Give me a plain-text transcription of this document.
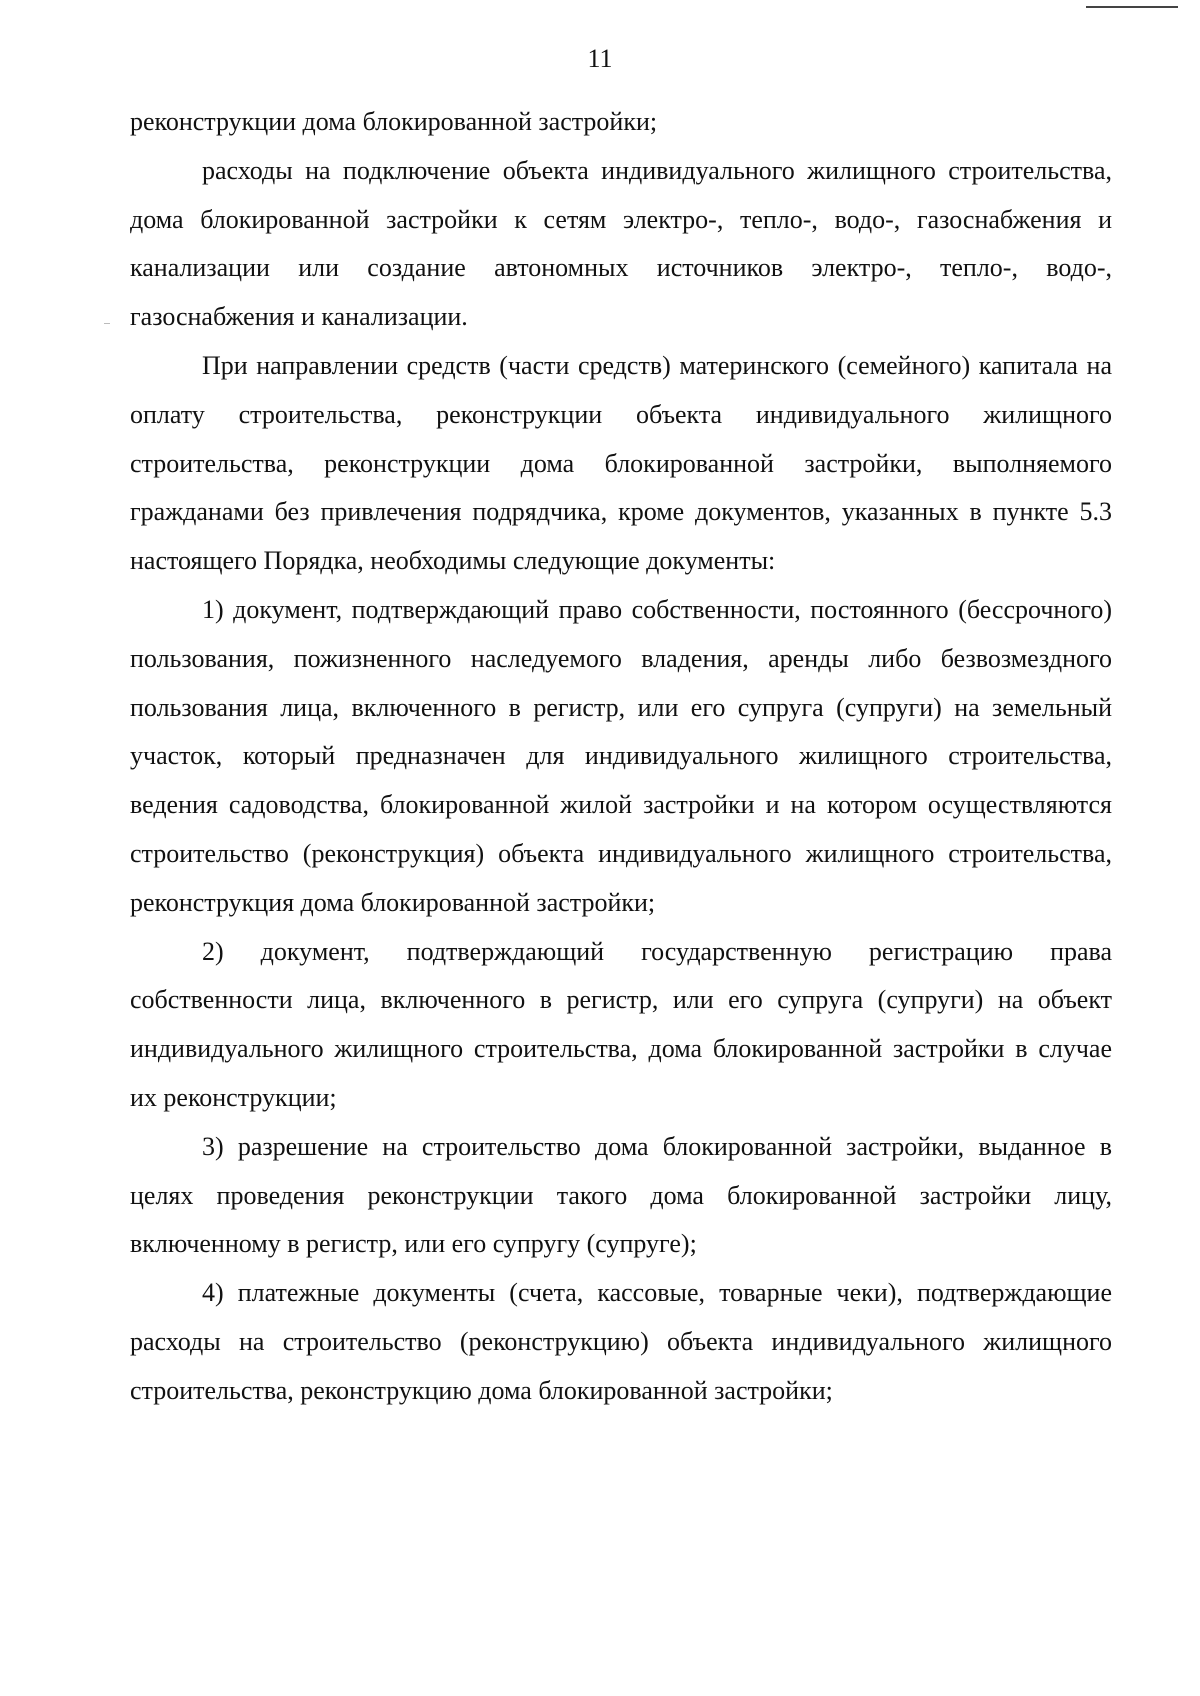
11

реконструкции дома блокированной застройки;

расходы на подключение объекта индивидуального жилищного строительства, дома блокированной застройки к сетям электро-, тепло-, водо-, газоснабжения и канализации или создание автономных источников электро-, тепло-, водо-, газоснабжения и канализации.

При направлении средств (части средств) материнского (семейного) капитала на оплату строительства, реконструкции объекта индивидуального жилищного строительства, реконструкции дома блокированной застройки, выполняемого гражданами без привлечения подрядчика, кроме документов, указанных в пункте 5.3 настоящего Порядка, необходимы следующие документы:

1) документ, подтверждающий право собственности, постоянного (бессрочного) пользования, пожизненного наследуемого владения, аренды либо безвозмездного пользования лица, включенного в регистр, или его супруга (супруги) на земельный участок, который предназначен для индивидуального жилищного строительства, ведения садоводства, блокированной жилой застройки и на котором осуществляются строительство (реконструкция) объекта индивидуального жилищного строительства, реконструкция дома блокированной застройки;

2) документ, подтверждающий государственную регистрацию права собственности лица, включенного в регистр, или его супруга (супруги) на объект индивидуального жилищного строительства, дома блокированной застройки в случае их реконструкции;

3) разрешение на строительство дома блокированной застройки, выданное в целях проведения реконструкции такого дома блокированной застройки лицу, включенному в регистр, или его супругу (супруге);

4) платежные документы (счета, кассовые, товарные чеки), подтверждающие расходы на строительство (реконструкцию) объекта индивидуального жилищного строительства, реконструкцию дома блокированной застройки;
